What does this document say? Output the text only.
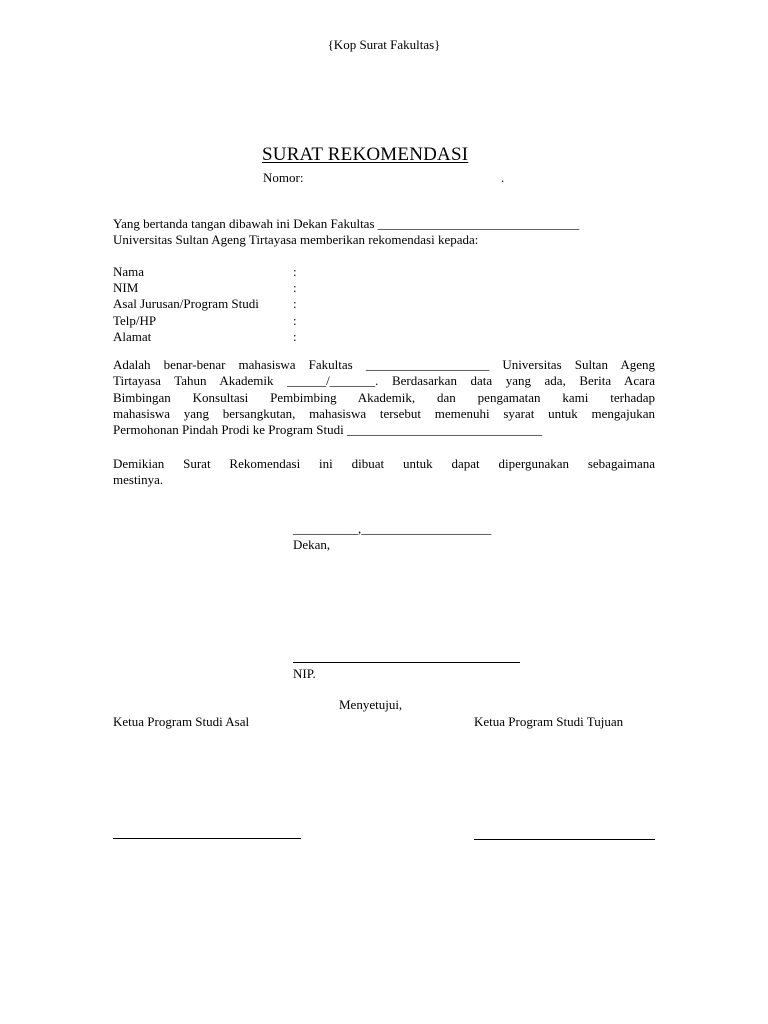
{Kop Surat Fakultas}
SURAT REKOMENDASI
Nomor:	.
Yang bertanda tangan dibawah ini Dekan Fakultas _______________________________
Universitas Sultan Ageng Tirtayasa memberikan rekomendasi kepada:
Nama	:
NIM	:
Asal Jurusan/Program Studi	:
Telp/HP	:
Alamat	:
Adalah benar-benar mahasiswa Fakultas ___________________ Universitas Sultan Ageng
Tirtayasa Tahun Akademik ______/_______. Berdasarkan data yang ada, Berita Acara
Bimbingan Konsultasi Pembimbing Akademik, dan pengamatan kami terhadap
mahasiswa yang bersangkutan, mahasiswa tersebut memenuhi syarat untuk mengajukan
Permohonan Pindah Prodi ke Program Studi ______________________________
Demikian Surat Rekomendasi ini dibuat untuk dapat dipergunakan sebagaimana
mestinya.
__________,____________________
Dekan,
NIP.
Menyetujui,
Ketua Program Studi Asal	Ketua Program Studi Tujuan
